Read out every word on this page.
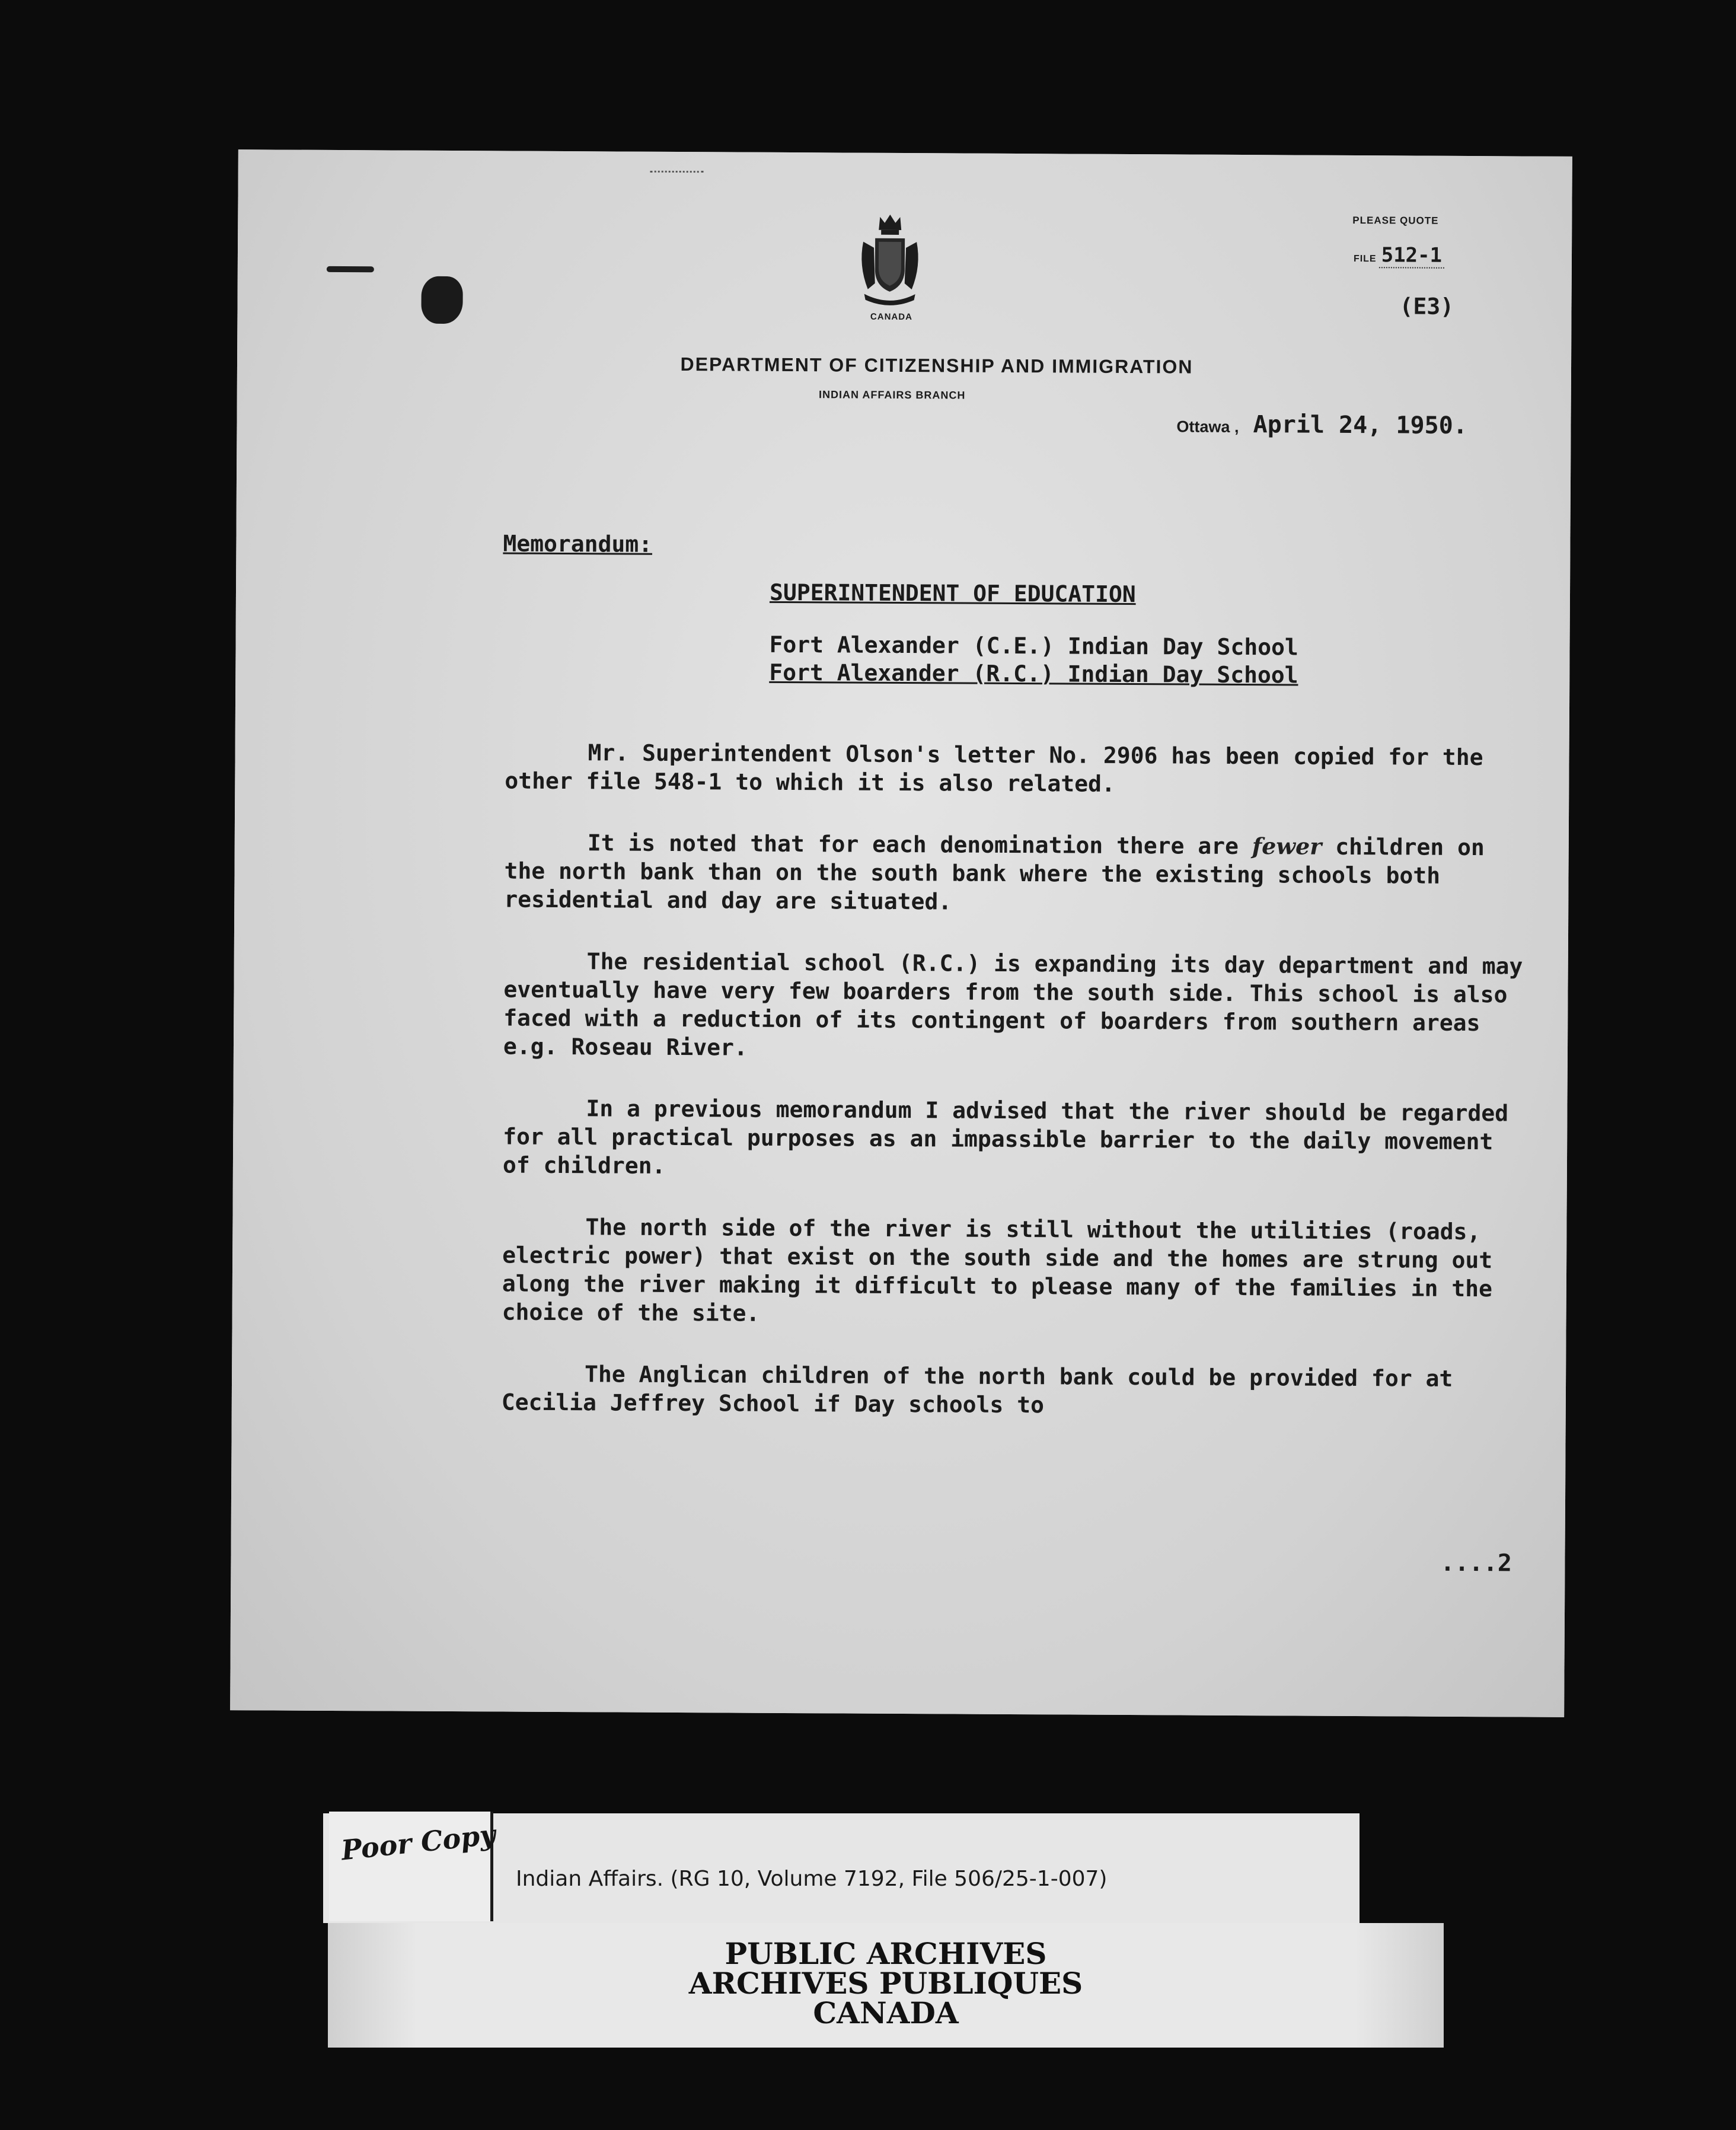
CANADA
DEPARTMENT OF CITIZENSHIP AND IMMIGRATION
INDIAN AFFAIRS BRANCH
PLEASE QUOTE
FILE 512-1
(E3)
Ottawa , April 24, 1950.
Memorandum:
SUPERINTENDENT OF EDUCATION
Fort Alexander (C.E.) Indian Day School
Fort Alexander (R.C.) Indian Day School

Mr. Superintendent Olson's letter No. 2906 has been copied for the other file 548-1 to which it is also related.

It is noted that for each denomination there are fewer children on the north bank than on the south bank where the existing schools both residential and day are situated.

The residential school (R.C.) is expanding its day department and may eventually have very few boarders from the south side. This school is also faced with a reduction of its contingent of boarders from southern areas e.g. Roseau River.

In a previous memorandum I advised that the river should be regarded for all practical purposes as an impassible barrier to the daily movement of children.

The north side of the river is still without the utilities (roads, electric power) that exist on the south side and the homes are strung out along the river making it difficult to please many of the families in the choice of the site.

The Anglican children of the north bank could be provided for at Cecilia Jeffrey School if Day schools to

....2
Poor Copy
Indian Affairs. (RG 10, Volume 7192, File 506/25-1-007)
PUBLIC ARCHIVES
ARCHIVES PUBLIQUES
CANADA
